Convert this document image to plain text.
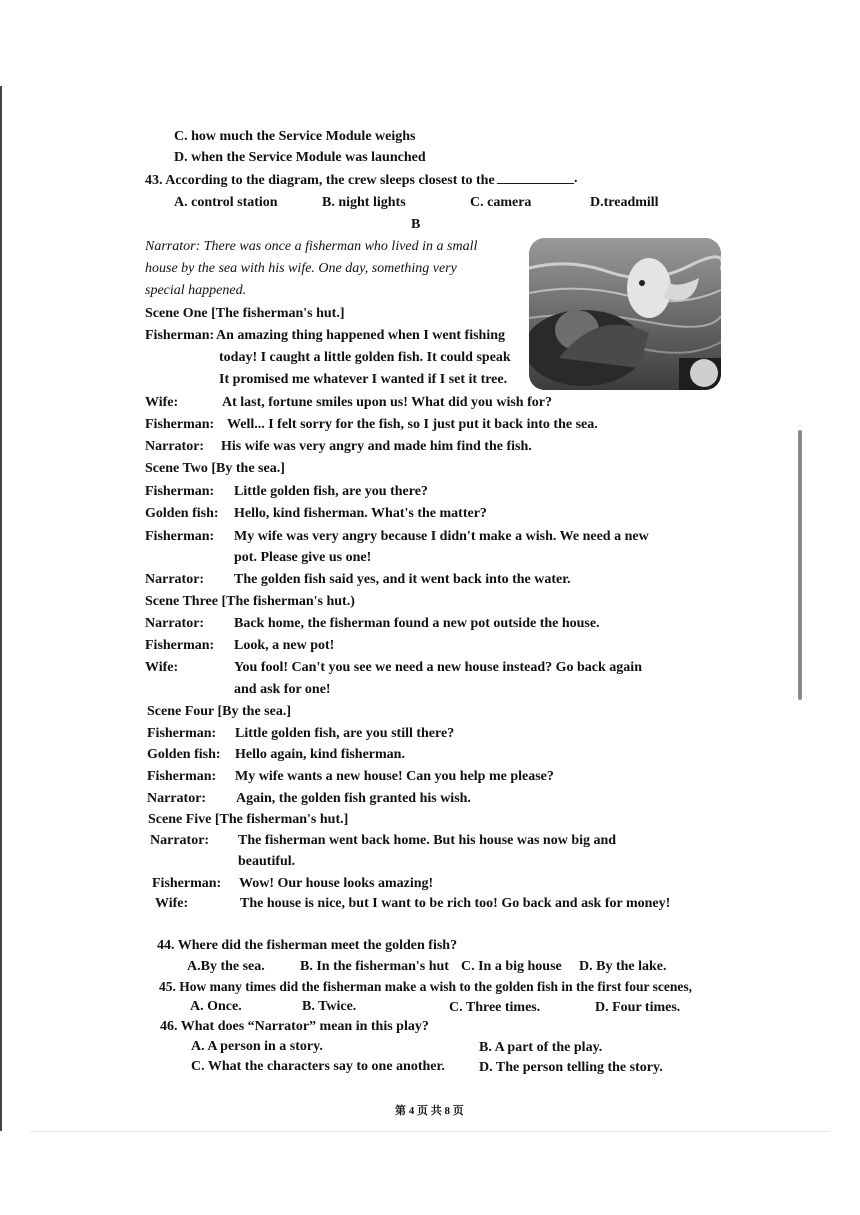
C. how much the Service Module weighs
D. when the Service Module was launched
43. According to the diagram, the crew sleeps closest to the ___________.
A. control station	B. night lights	C. camera	D.treadmill
B
Narrator: There was once a fisherman who lived in a small
house by the sea with his wife. One day, something very
special happened.
Scene One [The fisherman's hut.]
Fisherman: An amazing thing happened when I went fishing
today! I caught a little golden fish. It could speak
It promised me whatever I wanted if I set it tree.
Wife:	At last, fortune smiles upon us! What did you wish for?
Fisherman: Well... I felt sorry for the fish, so I just put it back into the sea.
Narrator: His wife was very angry and made him find the fish.
Scene Two [By the sea.]
Fisherman: Little golden fish, are you there?
Golden fish: Hello, kind fisherman. What's the matter?
Fisherman: My wife was very angry because I didn't make a wish. We need a new
pot. Please give us one!
Narrator: The golden fish said yes, and it went back into the water.
Scene Three [The fisherman's hut.)
Narrator: Back home, the fisherman found a new pot outside the house.
Fisherman: Look, a new pot!
Wife:	You fool! Can't you see we need a new house instead? Go back again
and ask for one!
Scene Four [By the sea.]
Fisherman: Little golden fish, are you still there?
Golden fish: Hello again, kind fisherman.
Fisherman: My wife wants a new house! Can you help me please?
Narrator: Again, the golden fish granted his wish.
Scene Five [The fisherman's hut.]
Narrator: The fisherman went back home. But his house was now big and
beautiful.
Fisherman: Wow! Our house looks amazing!
Wife:	The house is nice, but I want to be rich too! Go back and ask for money!
44. Where did the fisherman meet the golden fish?
A.By the sea.	B. In the fisherman's hut C. In a big house D. By the lake.
45. How many times did the fisherman make a wish to the golden fish in the first four scenes,
A. Once.	B. Twice.	C. Three times.	D. Four times.
46. What does “Narrator” mean in this play?
A. A person in a story.	B. A part of the play.
C. What the characters say to one another. D. The person telling the story.
第 4 页 共 8 页
